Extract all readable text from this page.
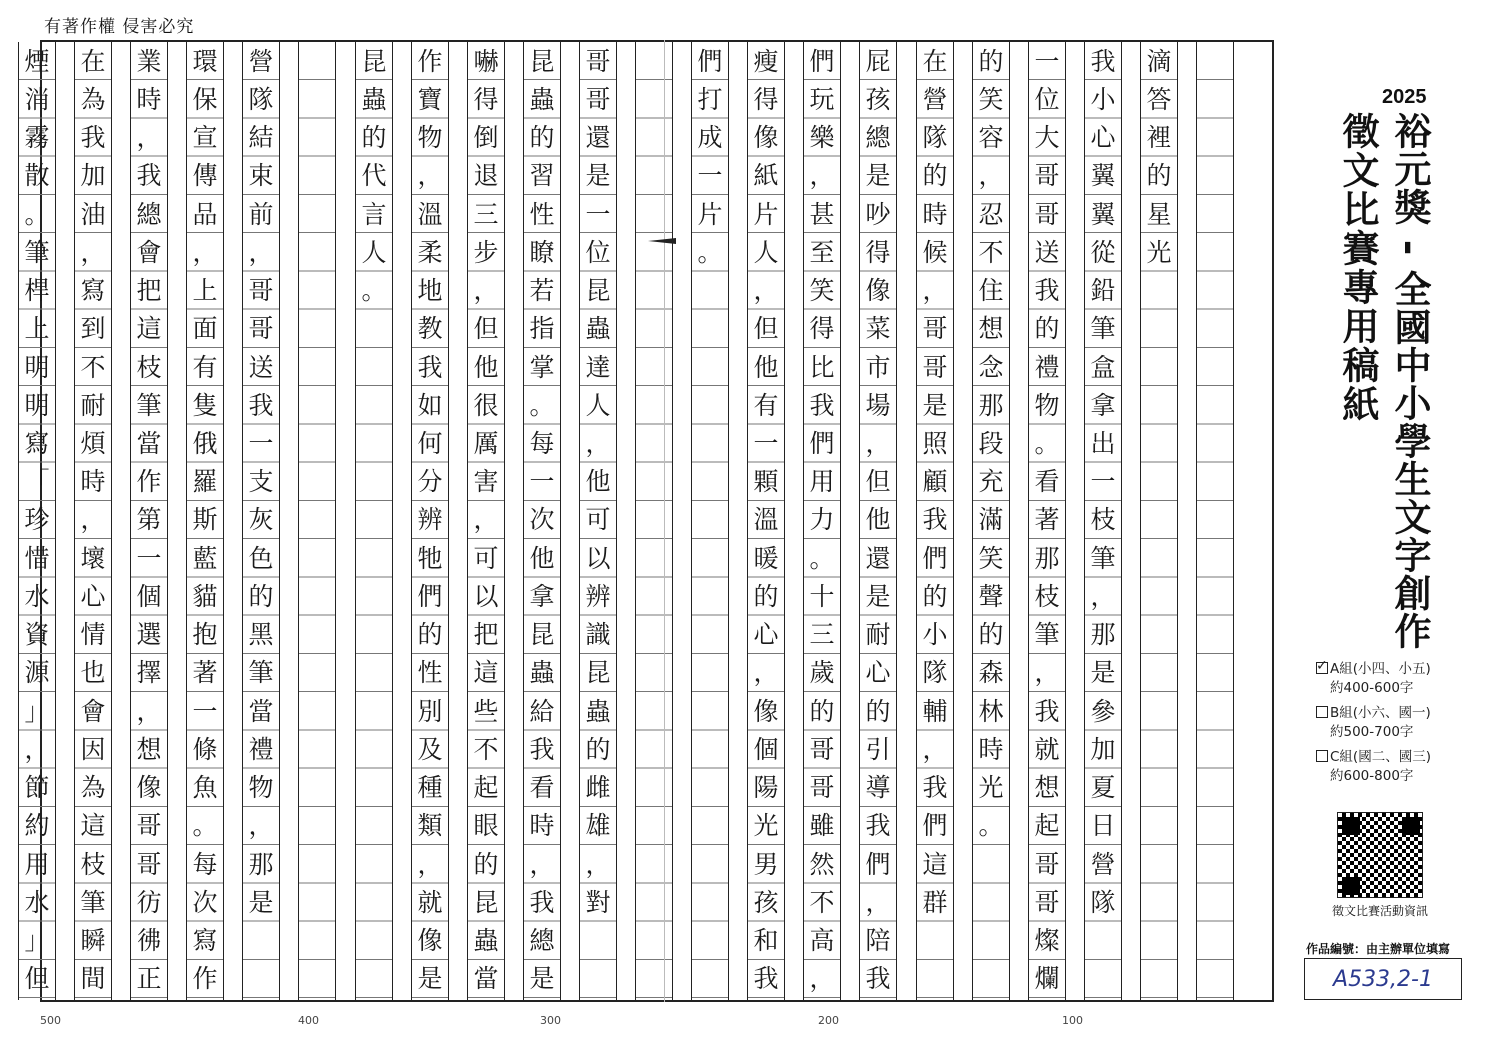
有著作權 侵害必究
滴
答
裡
的
星
光
我
小
心
翼
翼
從
鉛
筆
盒
拿
出
一
枝
筆
，
那
是
參
加
夏
日
營
隊
一
位
大
哥
哥
送
我
的
禮
物
。
看
著
那
枝
筆
，
我
就
想
起
哥
哥
燦
爛
的
笑
容
，
忍
不
住
想
念
那
段
充
滿
笑
聲
的
森
林
時
光
。
在
營
隊
的
時
候
，
哥
哥
是
照
顧
我
們
的
小
隊
輔
，
我
們
這
群
屁
孩
總
是
吵
得
像
菜
市
場
，
但
他
還
是
耐
心
的
引
導
我
們
，
陪
我
們
玩
樂
，
甚
至
笑
得
比
我
們
用
力
。
十
三
歲
的
哥
哥
雖
然
不
高
，
瘦
得
像
紙
片
人
，
但
他
有
一
顆
溫
暖
的
心
，
像
個
陽
光
男
孩
和
我
們
打
成
一
片
。
哥
哥
還
是
一
位
昆
蟲
達
人
，
他
可
以
辨
識
昆
蟲
的
雌
雄
，
對
昆
蟲
的
習
性
瞭
若
指
掌
。
每
一
次
他
拿
昆
蟲
給
我
看
時
，
我
總
是
嚇
得
倒
退
三
步
，
但
他
很
厲
害
，
可
以
把
這
些
不
起
眼
的
昆
蟲
當
作
寶
物
，
溫
柔
地
教
我
如
何
分
辨
牠
們
的
性
別
及
種
類
，
就
像
是
昆
蟲
的
代
言
人
。
營
隊
結
束
前
，
哥
哥
送
我
一
支
灰
色
的
黑
筆
當
禮
物
，
那
是
環
保
宣
傳
品
，
上
面
有
隻
俄
羅
斯
藍
貓
抱
著
一
條
魚
。
每
次
寫
作
業
時
，
我
總
會
把
這
枝
筆
當
作
第
一
個
選
擇
，
想
像
哥
哥
彷
彿
正
在
為
我
加
油
，
寫
到
不
耐
煩
時
，
壞
心
情
也
會
因
為
這
枝
筆
瞬
間
煙
消
霧
散
。
筆
桿
上
明
明
寫
「
珍
惜
水
資
源
」
，
節
約
用
水
」
但
500	400	300	200	100
2025
裕元獎 - 全國中小學生文字創作
徵文比賽專用稿紙
✓A組(小四、小五)
約400-600字
B組(小六、國一)
約500-700字
C組(國二、國三)
約600-800字
徵文比賽活動資訊
作品編號：由主辦單位填寫
A533,2-1
